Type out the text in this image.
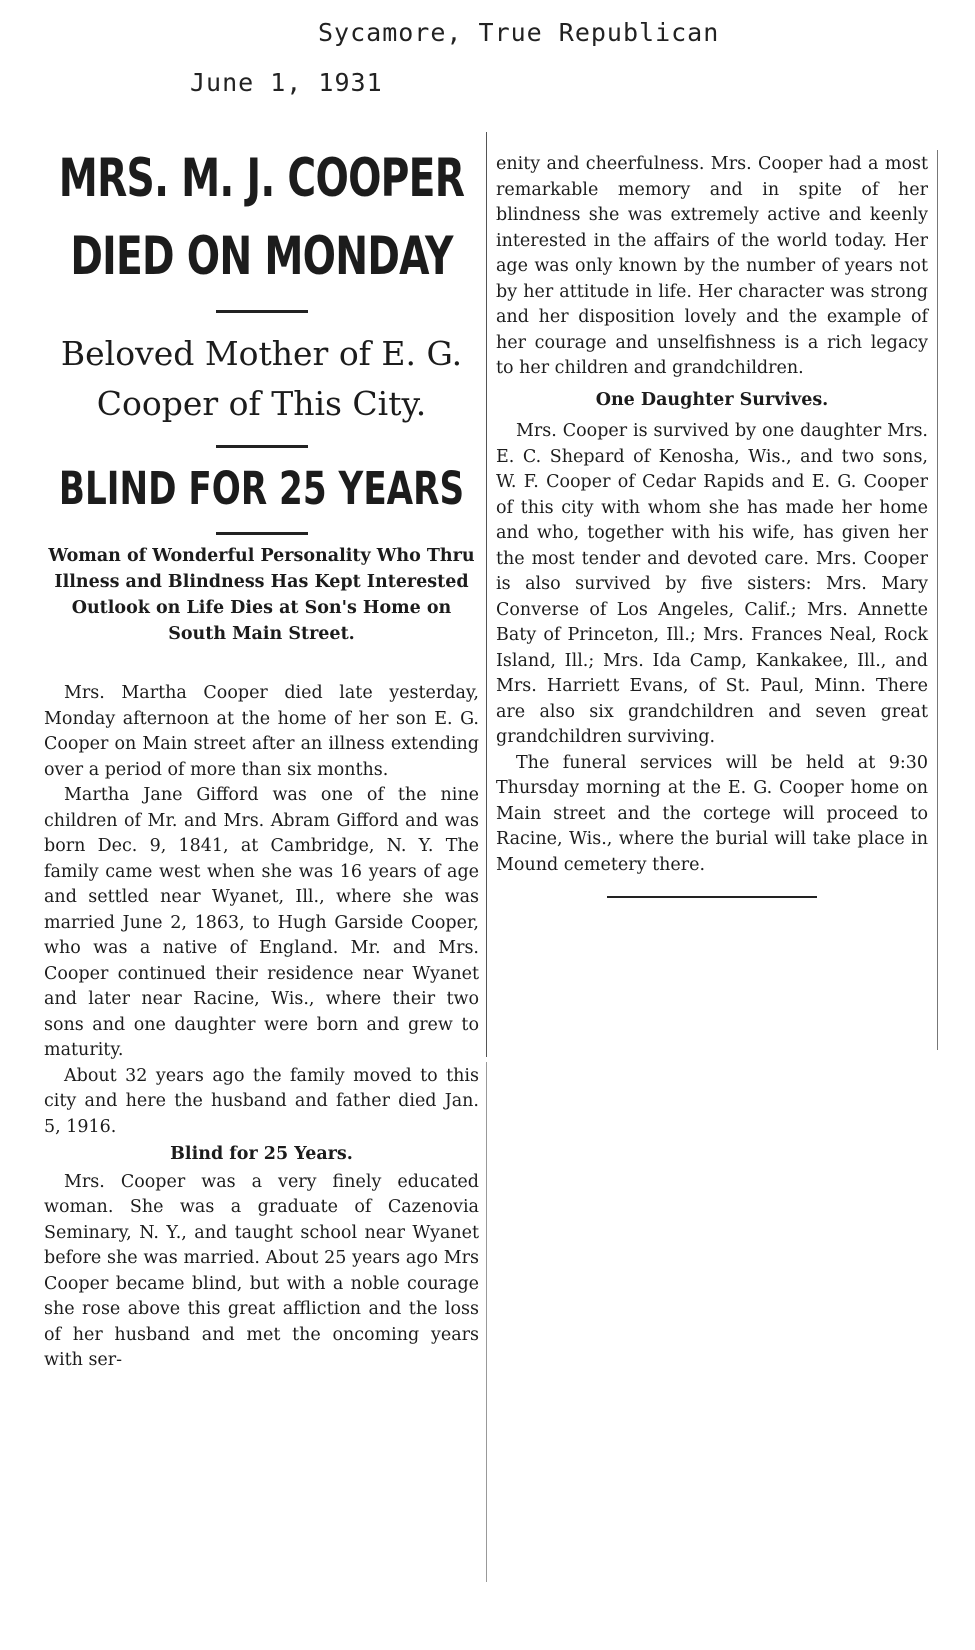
Sycamore, True Republican
June 1, 1931
MRS. M. J. COOPER
DIED ON MONDAY
Beloved Mother of E. G.
Cooper of This City.
BLIND FOR 25 YEARS
Woman of Wonderful Personality Who Thru Illness and Blindness Has Kept Interested Outlook on Life Dies at Son's Home on South Main Street.

Mrs. Martha Cooper died late yesterday, Monday afternoon at the home of her son E. G. Cooper on Main street after an illness extending over a period of more than six months.

Martha Jane Gifford was one of the nine children of Mr. and Mrs. Abram Gifford and was born Dec. 9, 1841, at Cambridge, N. Y. The family came west when she was 16 years of age and settled near Wyanet, Ill., where she was married June 2, 1863, to Hugh Garside Cooper, who was a native of England. Mr. and Mrs. Cooper continued their residence near Wyanet and later near Racine, Wis., where their two sons and one daughter were born and grew to maturity.

About 32 years ago the family moved to this city and here the husband and father died Jan. 5, 1916.

Blind for 25 Years.

Mrs. Cooper was a very finely educated woman. She was a graduate of Cazenovia Seminary, N. Y., and taught school near Wyanet before she was married. About 25 years ago Mrs Cooper became blind, but with a noble courage she rose above this great affliction and the loss of her husband and met the oncoming years with ser-

enity and cheerfulness. Mrs. Cooper had a most remarkable memory and in spite of her blindness she was extremely active and keenly interested in the affairs of the world today. Her age was only known by the number of years not by her attitude in life. Her character was strong and her disposition lovely and the example of her courage and unselfishness is a rich legacy to her children and grandchildren.

One Daughter Survives.

Mrs. Cooper is survived by one daughter Mrs. E. C. Shepard of Kenosha, Wis., and two sons, W. F. Cooper of Cedar Rapids and E. G. Cooper of this city with whom she has made her home and who, together with his wife, has given her the most tender and devoted care. Mrs. Cooper is also survived by five sisters: Mrs. Mary Converse of Los Angeles, Calif.; Mrs. Annette Baty of Princeton, Ill.; Mrs. Frances Neal, Rock Island, Ill.; Mrs. Ida Camp, Kankakee, Ill., and Mrs. Harriett Evans, of St. Paul, Minn. There are also six grandchildren and seven great grandchildren surviving.

The funeral services will be held at 9:30 Thursday morning at the E. G. Cooper home on Main street and the cortege will proceed to Racine, Wis., where the burial will take place in Mound cemetery there.
